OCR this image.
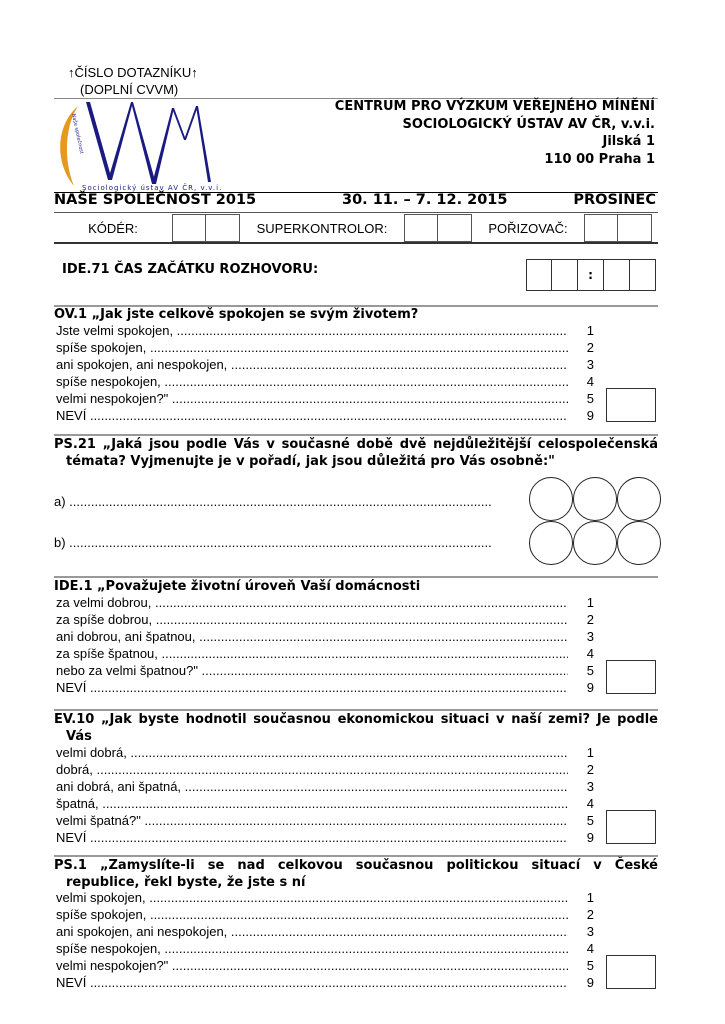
↑ČÍSLO DOTAZNÍKU↑
(DOPLNÍ CVVM)
Naše společnost
Sociologický ústav AV ČR, v.v.i.
CENTRUM PRO VÝZKUM VEŘEJNÉHO MÍNĚNÍ
SOCIOLOGICKÝ ÚSTAV AV ČR, v.v.i.
Jilská 1
110 00 Praha 1
NAŠE SPOLEČNOST 2015	30. 11. – 7. 12. 2015	PROSINEC
KÓDÉR:	SUPERKONTROLOR:	POŘIZOVAČ:
IDE.71 ČAS ZAČÁTKU ROZHOVORU:	:
OV.1 „Jak jste celkově spokojen se svým životem?
Jste velmi spokojen, .....	1
spíše spokojen, .....	2
ani spokojen, ani nespokojen, .....	3
spíše nespokojen, .....	4
velmi nespokojen?" .....	5
NEVÍ .....	9
PS.21 „Jaká jsou podle Vás v současné době dvě nejdůležitější celospolečenská
témata? Vyjmenujte je v pořadí, jak jsou důležitá pro Vás osobně:"
a) .....
b) .....
IDE.1 „Považujete životní úroveň Vaší domácnosti
za velmi dobrou, .....	1
za spíše dobrou, .....	2
ani dobrou, ani špatnou, .....	3
za spíše špatnou, .....	4
nebo za velmi špatnou?" .....	5
NEVÍ .....	9
EV.10 „Jak byste hodnotil současnou ekonomickou situaci v naší zemi? Je podle
Vás
velmi dobrá, .....	1
dobrá, .....	2
ani dobrá, ani špatná, .....	3
špatná, .....	4
velmi špatná?" .....	5
NEVÍ .....	9
PS.1 „Zamyslíte-li se nad celkovou současnou politickou situací v České
republice, řekl byste, že jste s ní
velmi spokojen, .....	1
spíše spokojen, .....	2
ani spokojen, ani nespokojen, .....	3
spíše nespokojen, .....	4
velmi nespokojen?" .....	5
NEVÍ .....	9
